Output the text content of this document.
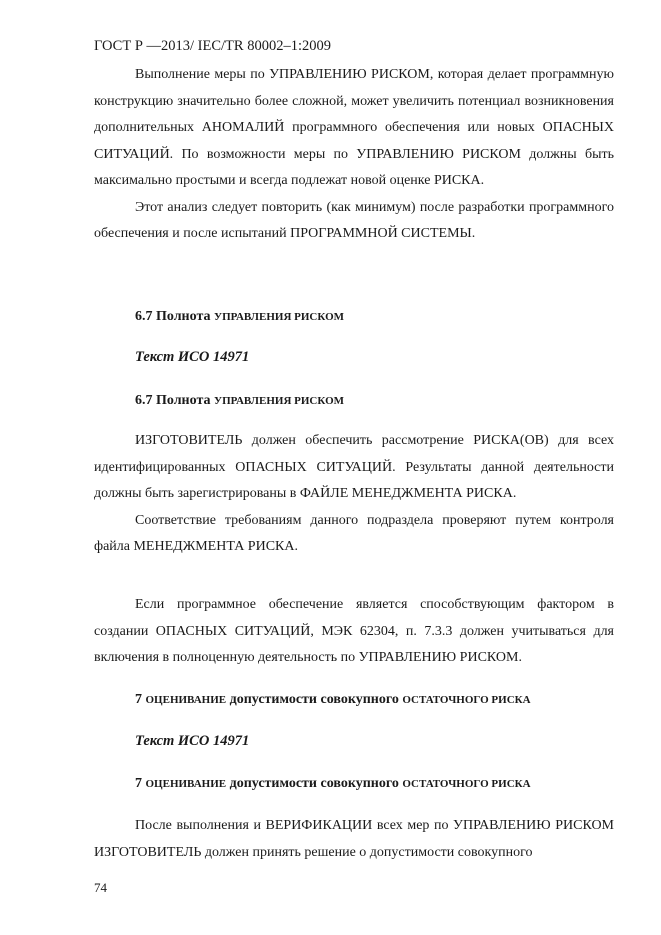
ГОСТ Р —2013/ IEC/TR 80002–1:2009

Выполнение меры по УПРАВЛЕНИЮ РИСКОМ, которая делает программную конструкцию значительно более сложной, может увеличить потенциал возникновения дополнительных АНОМАЛИЙ программного обеспечения или новых ОПАСНЫХ СИТУАЦИЙ. По возможности меры по УПРАВЛЕНИЮ РИСКОМ должны быть максимально простыми и всегда подлежат новой оценке РИСКА.

Этот анализ следует повторить (как минимум) после разработки программного обеспечения и после испытаний ПРОГРАММНОЙ СИСТЕМЫ.

6.7 Полнота УПРАВЛЕНИЯ РИСКОМ
Текст ИСО 14971
6.7 Полнота УПРАВЛЕНИЯ РИСКОМ

ИЗГОТОВИТЕЛЬ должен обеспечить рассмотрение РИСКА(ОВ) для всех идентифицированных ОПАСНЫХ СИТУАЦИЙ. Результаты данной деятельности должны быть зарегистрированы в ФАЙЛЕ МЕНЕДЖМЕНТА РИСКА.

Соответствие требованиям данного подраздела проверяют путем контроля файла МЕНЕДЖМЕНТА РИСКА.

Если программное обеспечение является способствующим фактором в создании ОПАСНЫХ СИТУАЦИЙ, МЭК 62304, п. 7.3.3 должен учитываться для включения в полноценную деятельность по УПРАВЛЕНИЮ РИСКОМ.

7 ОЦЕНИВАНИЕ допустимости совокупного ОСТАТОЧНОГО РИСКА
Текст ИСО 14971
7 ОЦЕНИВАНИЕ допустимости совокупного ОСТАТОЧНОГО РИСКА

После выполнения и ВЕРИФИКАЦИИ всех мер по УПРАВЛЕНИЮ РИСКОМ ИЗГОТОВИТЕЛЬ должен принять решение о допустимости совокупного

74
